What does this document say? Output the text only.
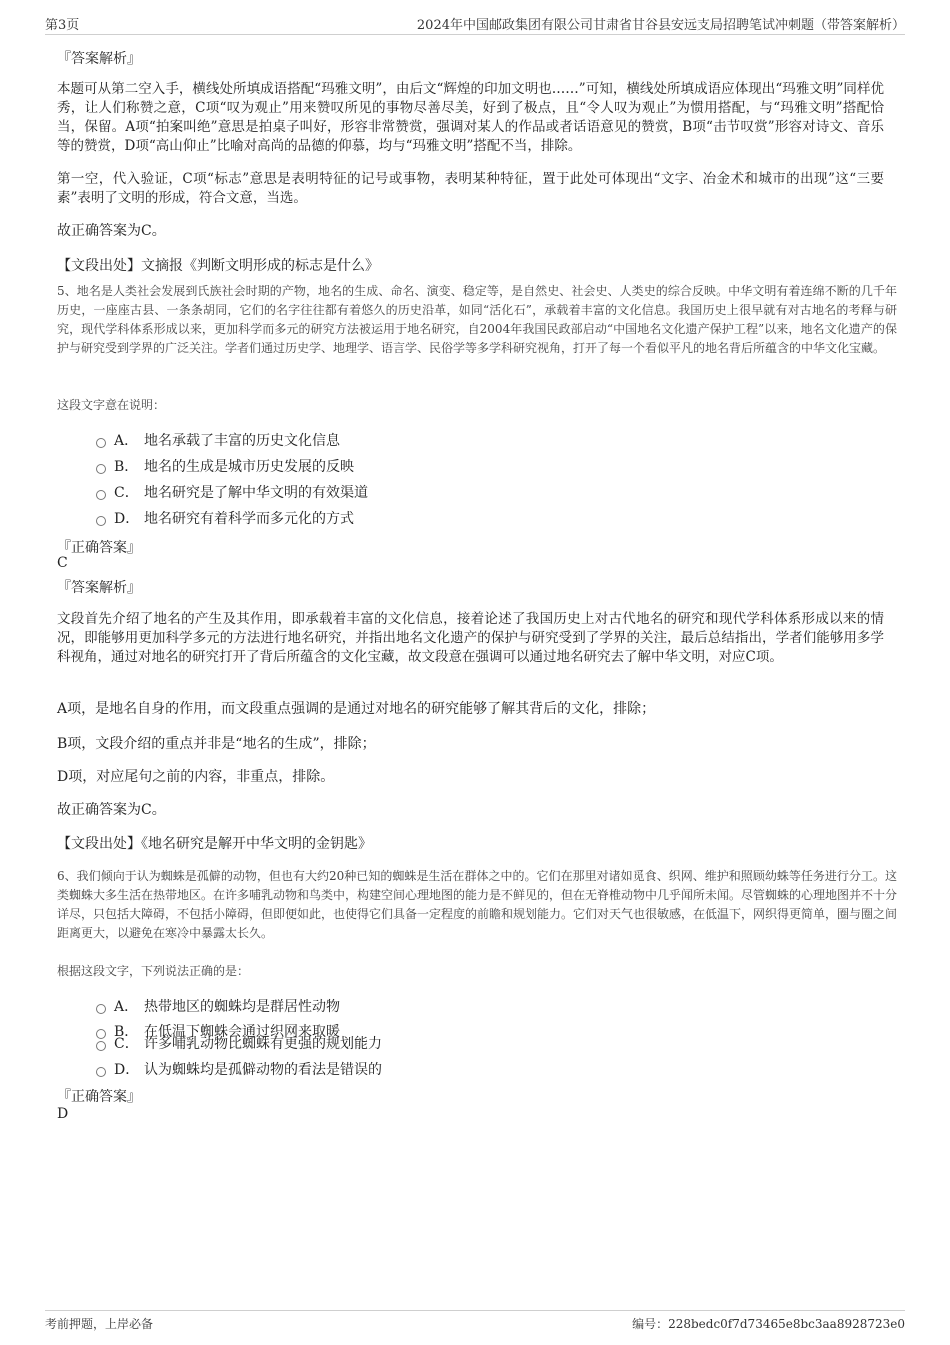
第3页	2024年中国邮政集团有限公司甘肃省甘谷县安远支局招聘笔试冲刺题（带答案解析）
『答案解析』
本题可从第二空入手，横线处所填成语搭配“玛雅文明”，由后文“辉煌的印加文明也……”可知，横线处所填成语应体现出“玛雅文明”同样优秀，让人们称赞之意，C项“叹为观止”用来赞叹所见的事物尽善尽美，好到了极点，且“令人叹为观止”为惯用搭配，与“玛雅文明”搭配恰当，保留。A项“拍案叫绝”意思是拍桌子叫好，形容非常赞赏，强调对某人的作品或者话语意见的赞赏，B项“击节叹赏”形容对诗文、音乐等的赞赏，D项“高山仰止”比喻对高尚的品德的仰慕，均与“玛雅文明”搭配不当，排除。
第一空，代入验证，C项“标志”意思是表明特征的记号或事物，表明某种特征，置于此处可体现出“文字、冶金术和城市的出现”这“三要素”表明了文明的形成，符合文意，当选。
故正确答案为C。
【文段出处】文摘报《判断文明形成的标志是什么》
5、地名是人类社会发展到氏族社会时期的产物，地名的生成、命名、演变、稳定等，是自然史、社会史、人类史的综合反映。中华文明有着连绵不断的几千年历史，一座座古县、一条条胡同，它们的名字往往都有着悠久的历史沿革，如同“活化石”，承载着丰富的文化信息。我国历史上很早就有对古地名的考释与研究，现代学科体系形成以来，更加科学而多元的研究方法被运用于地名研究，自2004年我国民政部启动“中国地名文化遗产保护工程”以来，地名文化遗产的保护与研究受到学界的广泛关注。学者们通过历史学、地理学、语言学、民俗学等多学科研究视角，打开了每一个看似平凡的地名背后所蕴含的中华文化宝藏。
这段文字意在说明：
A． 地名承载了丰富的历史文化信息
B． 地名的生成是城市历史发展的反映
C． 地名研究是了解中华文明的有效渠道
D． 地名研究有着科学而多元化的方式
『正确答案』
C
『答案解析』
文段首先介绍了地名的产生及其作用，即承载着丰富的文化信息，接着论述了我国历史上对古代地名的研究和现代学科体系形成以来的情况，即能够用更加科学多元的方法进行地名研究，并指出地名文化遗产的保护与研究受到了学界的关注，最后总结指出，学者们能够用多学科视角，通过对地名的研究打开了背后所蕴含的文化宝藏，故文段意在强调可以通过地名研究去了解中华文明，对应C项。
A项，是地名自身的作用，而文段重点强调的是通过对地名的研究能够了解其背后的文化，排除；
B项，文段介绍的重点并非是“地名的生成”，排除；
D项，对应尾句之前的内容，非重点，排除。
故正确答案为C。
【文段出处】《地名研究是解开中华文明的金钥匙》
6、我们倾向于认为蜘蛛是孤僻的动物，但也有大约20种已知的蜘蛛是生活在群体之中的。它们在那里对诸如觅食、织网、维护和照顾幼蛛等任务进行分工。这类蜘蛛大多生活在热带地区。在许多哺乳动物和鸟类中，构建空间心理地图的能力是不鲜见的，但在无脊椎动物中几乎闻所未闻。尽管蜘蛛的心理地图并不十分详尽，只包括大障碍，不包括小障碍，但即便如此，也使得它们具备一定程度的前瞻和规划能力。它们对天气也很敏感，在低温下，网织得更简单，圈与圈之间距离更大，以避免在寒冷中暴露太长久。
根据这段文字，下列说法正确的是：
A． 热带地区的蜘蛛均是群居性动物
B． 在低温下蜘蛛会通过织网来取暖
C． 许多哺乳动物比蜘蛛有更强的规划能力
D． 认为蜘蛛均是孤僻动物的看法是错误的
『正确答案』
D
考前押题，上岸必备	编号：228bedc0f7d73465e8bc3aa8928723e0
